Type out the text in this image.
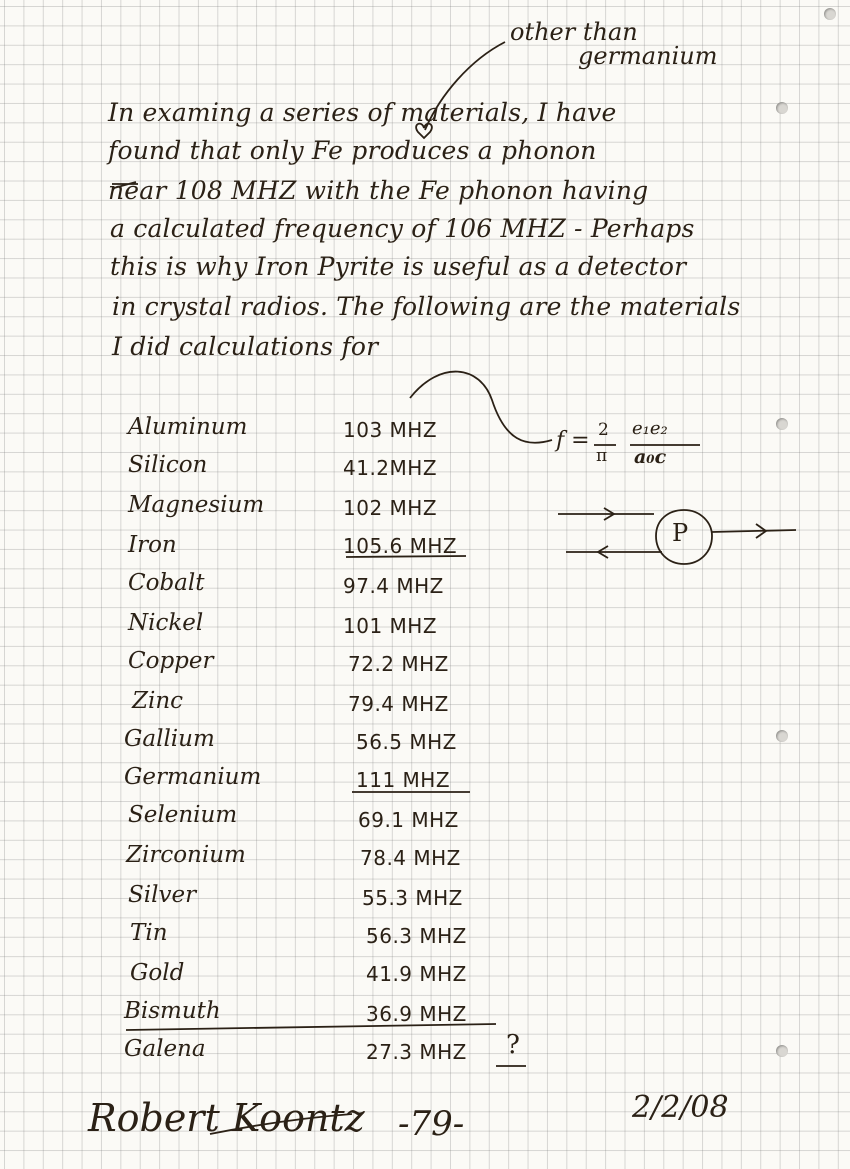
other than
germanium
In examing a series of materials, I have
found that only Fe produces a phonon
near 108 MHZ with the Fe phonon having
a calculated frequency of 106 MHZ - Perhaps
this is why Iron Pyrite is useful as a detector
in crystal radios. The following are the materials
I did calculations for
Aluminum	103 MHZ
Silicon	41.2MHZ
Magnesium	102 MHZ
Iron	105.6 MHZ
Cobalt	97.4 MHZ
Nickel	101 MHZ
Copper	72.2 MHZ
Zinc	79.4 MHZ
Gallium	56.5 MHZ
Germanium	111 MHZ
Selenium	69.1 MHZ
Zirconium	78.4 MHZ
Silver	55.3 MHZ
Tin	56.3 MHZ
Gold	41.9 MHZ
Bismuth	36.9 MHZ
Galena	27.3 MHZ ?
f = 2
π
e₁e₂
a₀c
P
Robert Koontz -79-	2/2/08
